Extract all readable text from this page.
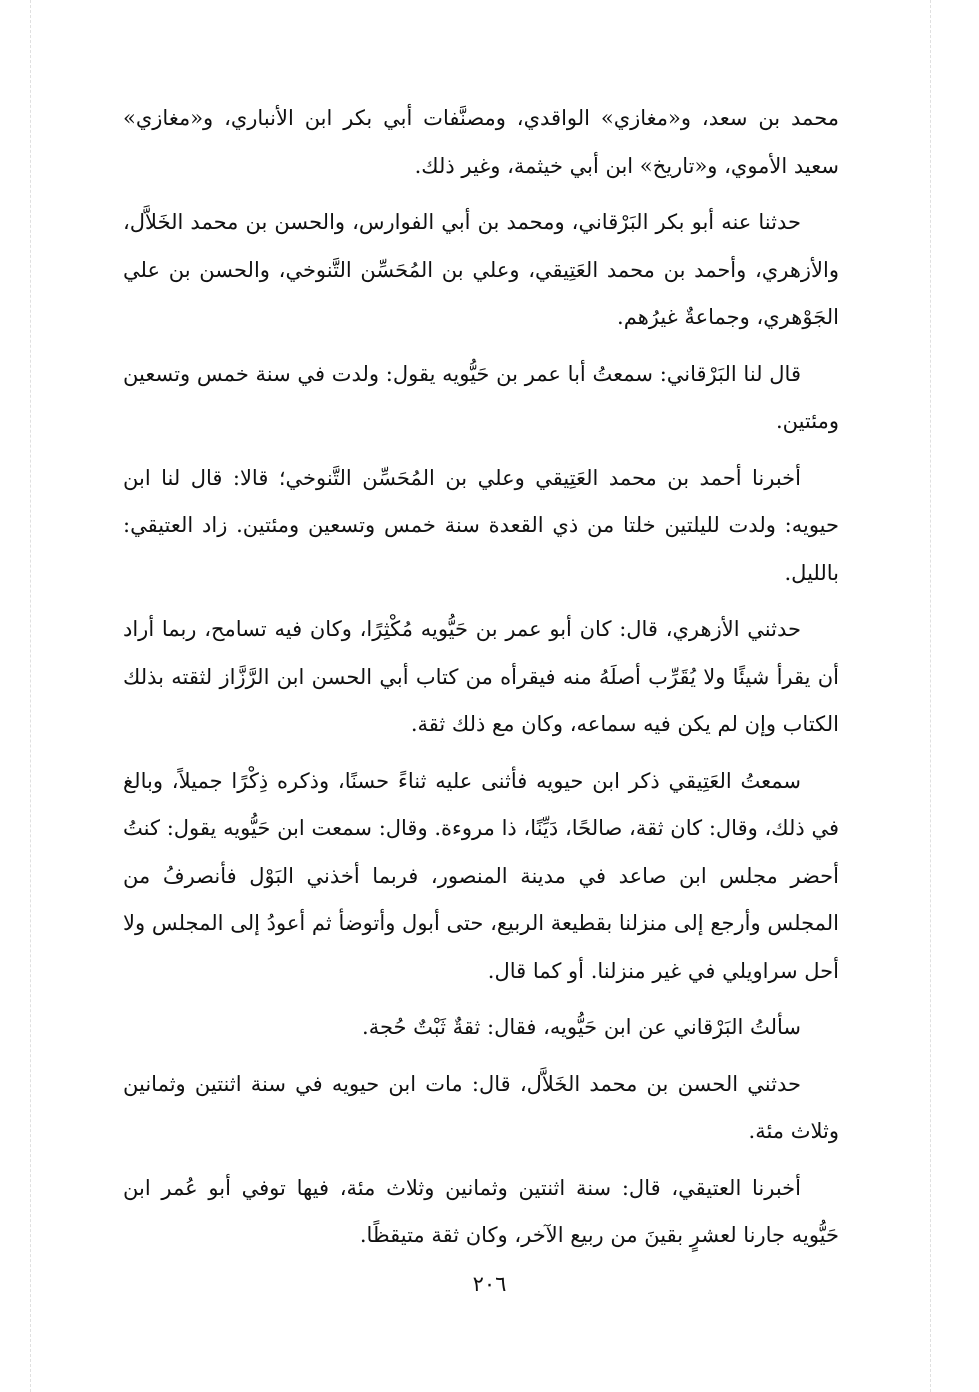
محمد بن سعد، و«مغازي» الواقدي، ومصنَّفات أبي بكر ابن الأنباري، و«مغازي» سعيد الأموي، و«تاريخ» ابن أبي خيثمة، وغير ذلك.

حدثنا عنه أبو بكر البَرْقاني، ومحمد بن أبي الفوارس، والحسن بن محمد الخَلاَّل، والأزهري، وأحمد بن محمد العَتِيقي، وعلي بن المُحَسِّن التَّنوخي، والحسن بن علي الجَوْهري، وجماعةٌ غيرُهم.

قال لنا البَرْقاني: سمعتُ أبا عمر بن حَيُّويه يقول: ولدت في سنة خمس وتسعين ومئتين.

أخبرنا أحمد بن محمد العَتِيقي وعلي بن المُحَسِّن التَّنوخي؛ قالا: قال لنا ابن حيويه: ولدت لليلتين خلتا من ذي القعدة سنة خمس وتسعين ومئتين. زاد العتيقي: بالليل.

حدثني الأزهري، قال: كان أبو عمر بن حَيُّويه مُكْثِرًا، وكان فيه تسامح، ربما أراد أن يقرأ شيئًا ولا يُقَرِّب أصلَهُ منه فيقرأه من كتاب أبي الحسن ابن الرَّزَّاز لثقته بذلك الكتاب وإن لم يكن فيه سماعه، وكان مع ذلك ثقة.

سمعتُ العَتِيقي ذكر ابن حيويه فأثنى عليه ثناءً حسنًا، وذكره ذِكْرًا جميلاً، وبالغ في ذلك، وقال: كان ثقة، صالحًا، دَيِّنًا، ذا مروءة. وقال: سمعت ابن حَيُّويه يقول: كنتُ أحضر مجلس ابن صاعد في مدينة المنصور، فربما أخذني البَوْل فأنصرفُ من المجلس وأرجع إلى منزلنا بقطيعة الربيع، حتى أبول وأتوضأ ثم أعودُ إلى المجلس ولا أحل سراويلي في غير منزلنا. أو كما قال.

سألتُ البَرْقاني عن ابن حَيُّويه، فقال: ثقةٌ ثَبْتٌ حُجة.

حدثني الحسن بن محمد الخَلاَّل، قال: مات ابن حيويه في سنة اثنتين وثمانين وثلاث مئة.

أخبرنا العتيقي، قال: سنة اثنتين وثمانين وثلاث مئة، فيها توفي أبو عُمر ابن حَيُّويه جارنا لعشرٍ بقينَ من ربيع الآخر، وكان ثقة متيقظًا.

٢٠٦
